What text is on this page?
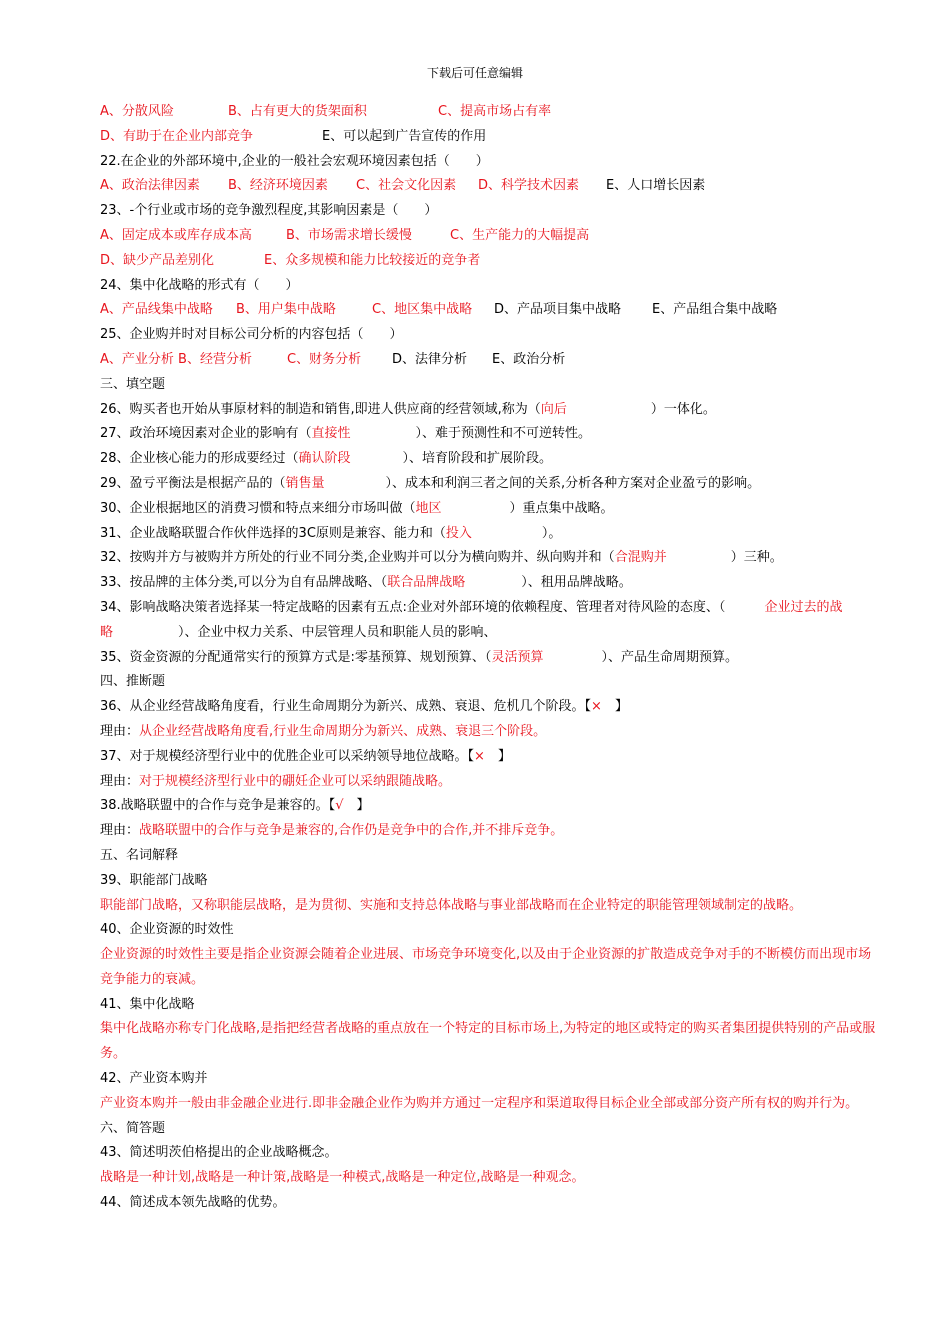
下载后可任意编辑
A、分散风险	B、占有更大的货架面积	C、提高市场占有率
D、有助于在企业内部竞争	E、可以起到广告宣传的作用
22.在企业的外部环境中,企业的一般社会宏观环境因素包括（　　）
A、政治法律因素 B、经济环境因素 C、社会文化因素 D、科学技术因素 E、人口增长因素
23、-个行业或市场的竞争激烈程度,其影响因素是（　　）
A、固定成本或库存成本高	B、市场需求增长缓慢	C、生产能力的大幅提高
D、缺少产品差别化	E、众多规模和能力比较接近的竞争者
24、集中化战略的形式有（　　）
A、产品线集中战略 B、用户集中战略	C、地区集中战略 D、产品项目集中战略 E、产品组合集中战略
25、企业购并时对目标公司分析的内容包括（　　）
A、产业分析 B、经营分析	C、财务分析 D、法律分析 E、政治分析
三、填空题
26、购买者也开始从事原材料的制造和销售,即进人供应商的经营领域,称为（向后	）一体化。
27、政治环境因素对企业的影响有（直接性	）、难于预测性和不可逆转性。
28、企业核心能力的形成要经过（确认阶段	）、培育阶段和扩展阶段。
29、盈亏平衡法是根据产品的（销售量	）、成本和利润三者之间的关系,分析各种方案对企业盈亏的影响。
30、企业根据地区的消费习惯和特点来细分市场叫做（地区	）重点集中战略。
31、企业战略联盟合作伙伴选择的3C原则是兼容、能力和（投入	）。
32、按购并方与被购并方所处的行业不同分类,企业购并可以分为横向购并、纵向购并和（合混购并	）三种。
33、按品牌的主体分类,可以分为自有品牌战略、（联合品牌战略	）、租用品牌战略。
34、影响战略决策者选择某一特定战略的因素有五点:企业对外部环境的依赖程度、管理者对待风险的态度、（　　　企业过去的战略　　　　　）、企业中权力关系、中层管理人员和职能人员的影响、
35、资金资源的分配通常实行的预算方式是:零基预算、规划预算、（灵活预算	）、产品生命周期预算。
四、推断题
36、从企业经营战略角度看，行业生命周期分为新兴、成熟、衰退、危机几个阶段。【×　】
理由：从企业经营战略角度看,行业生命周期分为新兴、成熟、衰退三个阶段。
37、对于规模经济型行业中的优胜企业可以采纳领导地位战略。【×　】
理由：对于规模经济型行业中的硼妊企业可以采纳跟随战略。
38.战略联盟中的合作与竞争是兼容的。【√　】
理由：战略联盟中的合作与竞争是兼容的,合作仍是竞争中的合作,并不排斥竞争。
五、名词解释
39、职能部门战略
职能部门战略，又称职能层战略，是为贯彻、实施和支持总体战略与事业部战略而在企业特定的职能管理领域制定的战略。
40、企业资源的时效性
企业资源的时效性主要是指企业资源会随着企业进展、市场竞争环境变化,以及由于企业资源的扩散造成竞争对手的不断模仿而出现市场竞争能力的衰减。
41、集中化战略
集中化战略亦称专门化战略,是指把经营者战略的重点放在一个特定的目标市场上,为特定的地区或特定的购买者集团提供特别的产品或服务。
42、产业资本购并
产业资本购并一般由非金融企业进行.即非金融企业作为购并方通过一定程序和渠道取得目标企业全部或部分资产所有权的购并行为。
六、简答题
43、简述明茨伯格提出的企业战略概念。
战略是一种计划,战略是一种计策,战略是一种模式,战略是一种定位,战略是一种观念。
44、简述成本领先战略的优势。
